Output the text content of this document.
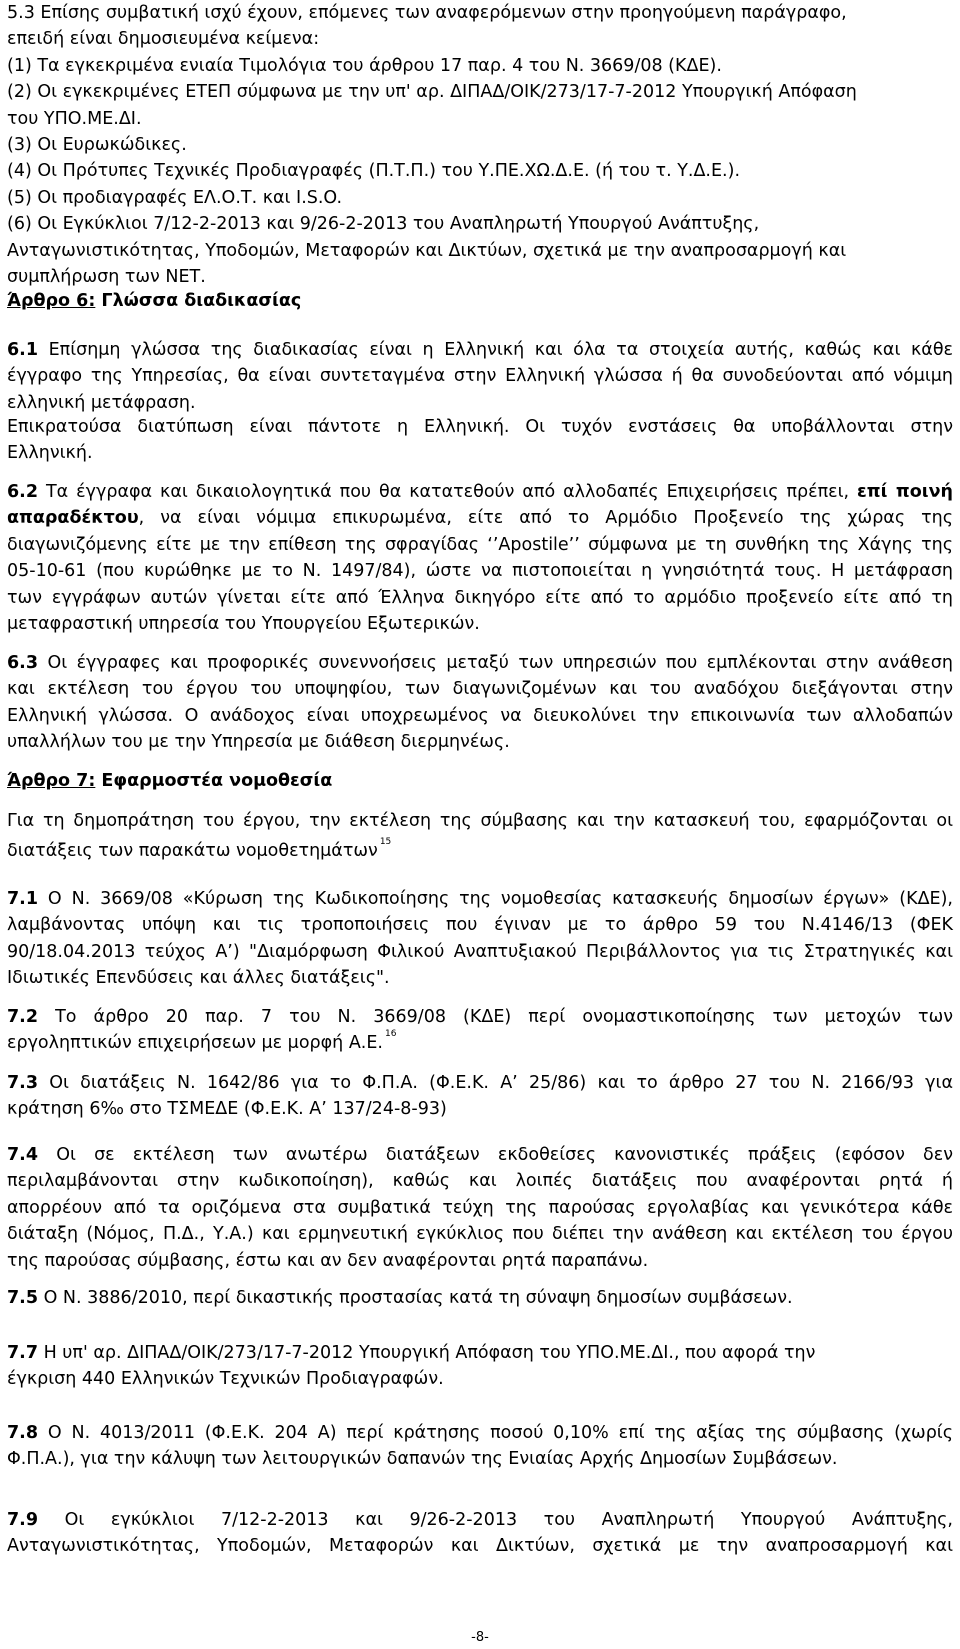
5.3 Επίσης συμβατική ισχύ έχουν, επόμενες των αναφερόμενων στην προηγούμενη παράγραφο,
επειδή είναι δημοσιευμένα κείμενα:
(1) Τα εγκεκριμένα ενιαία Τιμολόγια του άρθρου 17 παρ. 4 του Ν. 3669/08 (ΚΔΕ).
(2) Οι εγκεκριμένες ΕΤΕΠ σύμφωνα με την υπ' αρ. ΔΙΠΑΔ/ΟΙΚ/273/17-7-2012 Υπουργική Απόφαση
του ΥΠΟ.ΜΕ.ΔΙ.
(3) Οι Ευρωκώδικες.
(4) Οι Πρότυπες Τεχνικές Προδιαγραφές (Π.Τ.Π.) του Υ.ΠΕ.ΧΩ.Δ.Ε. (ή του τ. Υ.Δ.Ε.).
(5) Οι προδιαγραφές ΕΛ.Ο.Τ. και I.S.O.
(6) Οι Εγκύκλιοι 7/12-2-2013 και 9/26-2-2013 του Αναπληρωτή Υπουργού Ανάπτυξης,
Ανταγωνιστικότητας, Υποδομών, Μεταφορών και Δικτύων, σχετικά με την αναπροσαρμογή και
συμπλήρωση των ΝΕΤ.
Άρθρο 6: Γλώσσα διαδικασίας
6.1 Επίσημη γλώσσα της διαδικασίας είναι η Ελληνική και όλα τα στοιχεία αυτής, καθώς και κάθε
έγγραφο της Υπηρεσίας, θα είναι συντεταγμένα στην Ελληνική γλώσσα ή θα συνοδεύονται από νόμιμη
ελληνική μετάφραση.
Επικρατούσα διατύπωση είναι πάντοτε η Ελληνική. Οι τυχόν ενστάσεις θα υποβάλλονται στην
Ελληνική.
6.2 Τα έγγραφα και δικαιολογητικά που θα κατατεθούν από αλλοδαπές Επιχειρήσεις πρέπει, επί ποινή
απαραδέκτου, να είναι νόμιμα επικυρωμένα, είτε από το Αρμόδιο Προξενείο της χώρας της
διαγωνιζόμενης είτε με την επίθεση της σφραγίδας ‘’Apostile’’ σύμφωνα με τη συνθήκη της Χάγης της
05-10-61 (που κυρώθηκε με το Ν. 1497/84), ώστε να πιστοποιείται η γνησιότητά τους. Η μετάφραση
των εγγράφων αυτών γίνεται είτε από Έλληνα δικηγόρο είτε από το αρμόδιο προξενείο είτε από τη
μεταφραστική υπηρεσία του Υπουργείου Εξωτερικών.
6.3 Οι έγγραφες και προφορικές συνεννοήσεις μεταξύ των υπηρεσιών που εμπλέκονται στην ανάθεση
και εκτέλεση του έργου του υποψηφίου, των διαγωνιζομένων και του αναδόχου διεξάγονται στην
Ελληνική γλώσσα. Ο ανάδοχος είναι υποχρεωμένος να διευκολύνει την επικοινωνία των αλλοδαπών
υπαλλήλων του με την Υπηρεσία με διάθεση διερμηνέως.
Άρθρο 7: Εφαρμοστέα νομοθεσία
Για τη δημοπράτηση του έργου, την εκτέλεση της σύμβασης και την κατασκευή του, εφαρμόζονται οι
διατάξεις των παρακάτω νομοθετημάτων $^{15}$
7.1 Ο Ν. 3669/08 «Κύρωση της Κωδικοποίησης της νομοθεσίας κατασκευής δημοσίων έργων» (ΚΔΕ),
λαμβάνοντας υπόψη και τις τροποποιήσεις που έγιναν με το άρθρο 59 του Ν.4146/13 (ΦΕΚ
90/18.04.2013 τεύχος Α’) "Διαμόρφωση Φιλικού Αναπτυξιακού Περιβάλλοντος για τις Στρατηγικές και
Ιδιωτικές Επενδύσεις και άλλες διατάξεις".
7.2 Το άρθρο 20 παρ. 7 του Ν. 3669/08 (ΚΔΕ) περί ονομαστικοποίησης των μετοχών των
εργοληπτικών επιχειρήσεων με μορφή Α.Ε. $^{16}$
7.3 Οι διατάξεις Ν. 1642/86 για το Φ.Π.Α. (Φ.Ε.Κ. Α’ 25/86) και το άρθρο 27 του Ν. 2166/93 για
κράτηση 6‰ στο ΤΣΜΕΔΕ (Φ.Ε.Κ. Α’ 137/24-8-93)
7.4 Οι σε εκτέλεση των ανωτέρω διατάξεων εκδοθείσες κανονιστικές πράξεις (εφόσον δεν
περιλαμβάνονται στην κωδικοποίηση), καθώς και λοιπές διατάξεις που αναφέρονται ρητά ή
απορρέουν από τα οριζόμενα στα συμβατικά τεύχη της παρούσας εργολαβίας και γενικότερα κάθε
διάταξη (Νόμος, Π.Δ., Υ.Α.) και ερμηνευτική εγκύκλιος που διέπει την ανάθεση και εκτέλεση του έργου
της παρούσας σύμβασης, έστω και αν δεν αναφέρονται ρητά παραπάνω.
7.5 Ο Ν. 3886/2010, περί δικαστικής προστασίας κατά τη σύναψη δημοσίων συμβάσεων.
7.7 Η υπ' αρ. ΔΙΠΑΔ/ΟΙΚ/273/17-7-2012 Υπουργική Απόφαση του ΥΠΟ.ΜΕ.ΔΙ., που αφορά την
έγκριση 440 Ελληνικών Τεχνικών Προδιαγραφών.
7.8 Ο Ν. 4013/2011 (Φ.Ε.Κ. 204 Α) περί κράτησης ποσού 0,10% επί της αξίας της σύμβασης (χωρίς
Φ.Π.Α.), για την κάλυψη των λειτουργικών δαπανών της Ενιαίας Αρχής Δημοσίων Συμβάσεων.
7.9 Οι εγκύκλιοι 7/12-2-2013 και 9/26-2-2013 του Αναπληρωτή Υπουργού Ανάπτυξης,
Ανταγωνιστικότητας, Υποδομών, Μεταφορών και Δικτύων, σχετικά με την αναπροσαρμογή και
-8-
